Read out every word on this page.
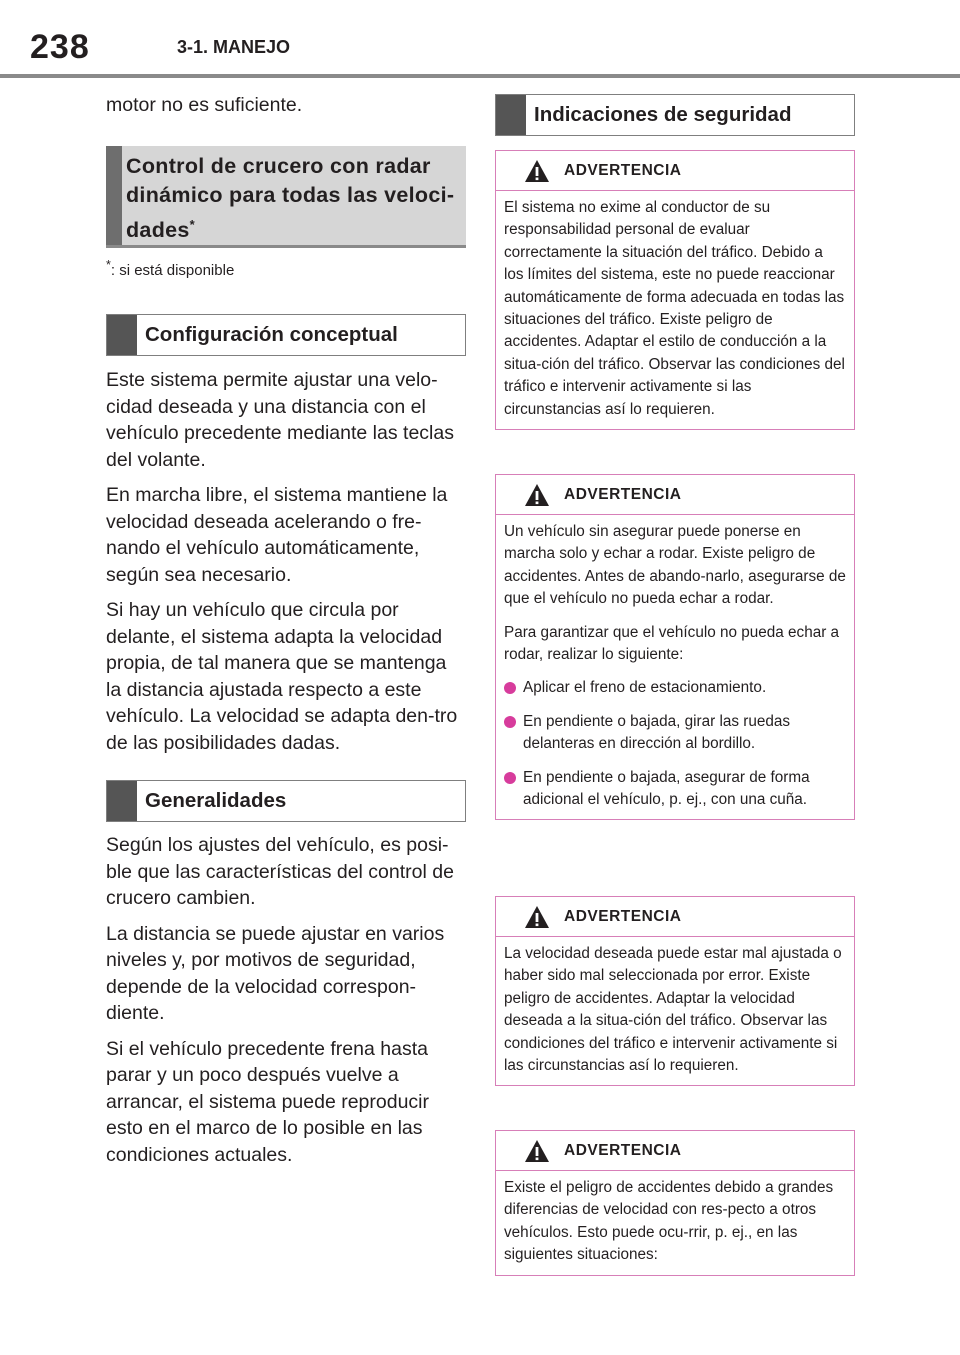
238	3-1. MANEJO

motor no es suficiente.

Control de crucero con radar dinámico para todas las veloci-dades*
*: si está disponible
Configuración conceptual

Este sistema permite ajustar una velo-cidad deseada y una distancia con el vehículo precedente mediante las teclas del volante.

En marcha libre, el sistema mantiene la velocidad deseada acelerando o fre-nando el vehículo automáticamente, según sea necesario.

Si hay un vehículo que circula por delante, el sistema adapta la velocidad propia, de tal manera que se mantenga la distancia ajustada respecto a este vehículo. La velocidad se adapta den-tro de las posibilidades dadas.

Generalidades

Según los ajustes del vehículo, es posi-ble que las características del control de crucero cambien.

La distancia se puede ajustar en varios niveles y, por motivos de seguridad, depende de la velocidad correspon-diente.

Si el vehículo precedente frena hasta parar y un poco después vuelve a arrancar, el sistema puede reproducir esto en el marco de lo posible en las condiciones actuales.

Indicaciones de seguridad
ADVERTENCIA

El sistema no exime al conductor de su responsabilidad personal de evaluar correctamente la situación del tráfico. Debido a los límites del sistema, este no puede reaccionar automáticamente de forma adecuada en todas las situaciones del tráfico. Existe peligro de accidentes. Adaptar el estilo de conducción a la situa-ción del tráfico. Observar las condiciones del tráfico e intervenir activamente si las circunstancias así lo requieren.

ADVERTENCIA

Un vehículo sin asegurar puede ponerse en marcha solo y echar a rodar. Existe peligro de accidentes. Antes de abando-narlo, asegurarse de que el vehículo no pueda echar a rodar.

Para garantizar que el vehículo no pueda echar a rodar, realizar lo siguiente:

Aplicar el freno de estacionamiento.
En pendiente o bajada, girar las ruedas delanteras en dirección al bordillo.
En pendiente o bajada, asegurar de forma adicional el vehículo, p. ej., con una cuña.
ADVERTENCIA

La velocidad deseada puede estar mal ajustada o haber sido mal seleccionada por error. Existe peligro de accidentes. Adaptar la velocidad deseada a la situa-ción del tráfico. Observar las condiciones del tráfico e intervenir activamente si las circunstancias así lo requieren.

ADVERTENCIA

Existe el peligro de accidentes debido a grandes diferencias de velocidad con res-pecto a otros vehículos. Esto puede ocu-rrir, p. ej., en las siguientes situaciones:
